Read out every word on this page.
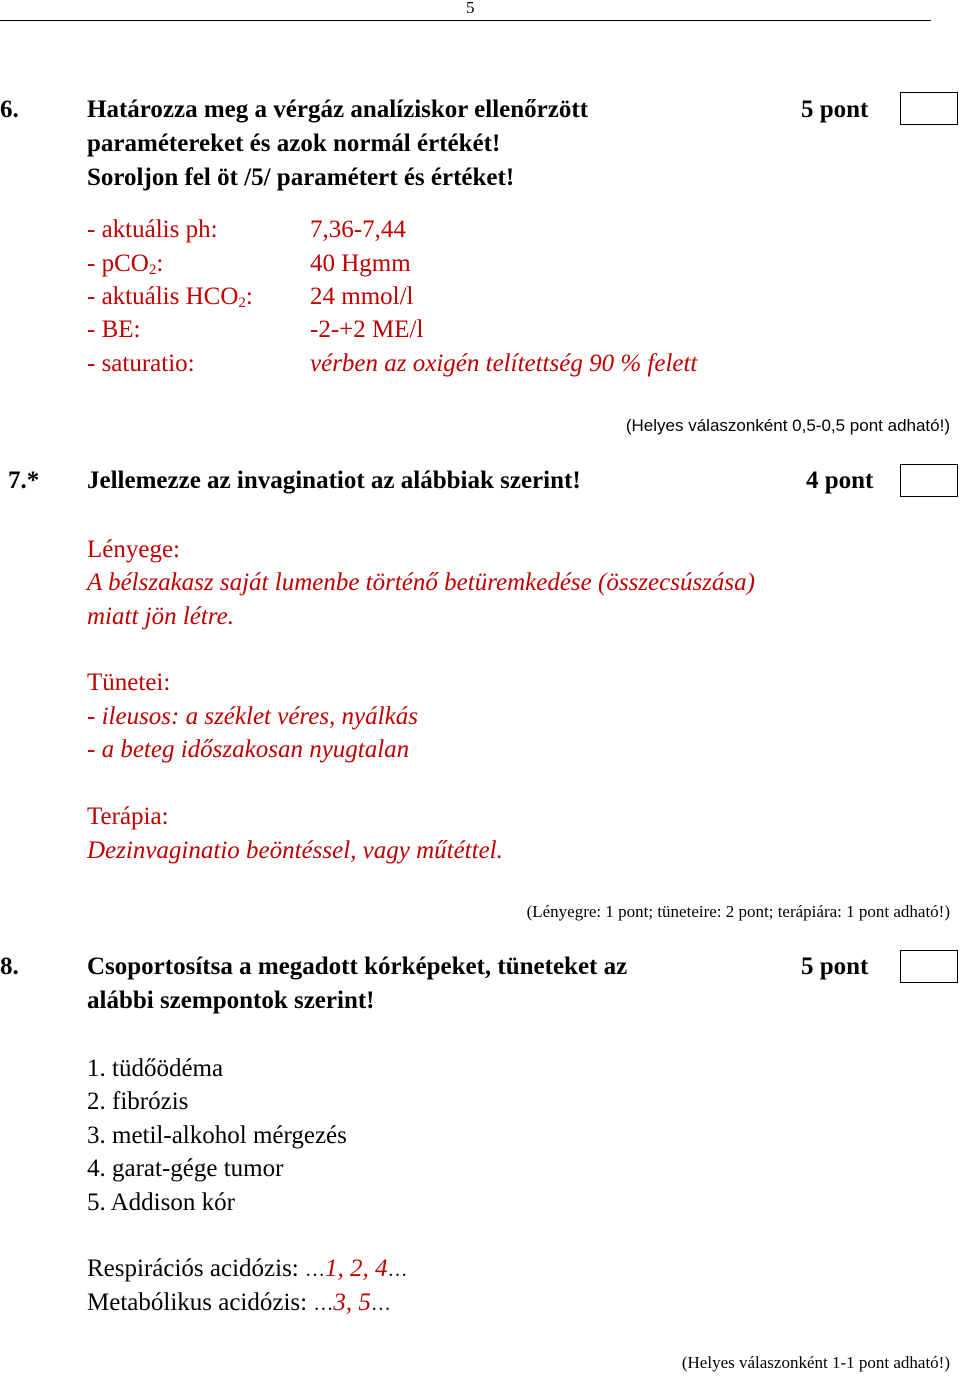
5
6.	Határozza meg a vérgáz analíziskor ellenőrzött
paramétereket és azok normál értékét!
Soroljon fel öt /5/ paramétert és értéket!
5 pont
- aktuális ph:	7,36-7,44
- pCO$_2$:	40 Hgmm
- aktuális $HCO_2$: 24 mmol/l
- BE:	-2-+2 ME/l
- saturatio:	vérben az oxigén telítettség 90 % felett
(Helyes válaszonként 0,5-0,5 pont adható!)
7.* Jellemezze az invaginatiot az alábbiak szerint!	4 pont
Lényege:
A bélszakasz saját lumenbe történő betüremkedése (összecsúszása)
miatt jön létre.
Tünetei:
- ileusos: a széklet véres, nyálkás
- a beteg időszakosan nyugtalan
Terápia:
Dezinvaginatio beöntéssel, vagy műtéttel.
(Lényegre: 1 pont; tüneteire: 2 pont; terápiára: 1 pont adható!)
8.	Csoportosítsa a megadott kórképeket, tüneteket az
alábbi szempontok szerint!
5 pont
1. tüdőödéma
2. fibrózis
3. metil-alkohol mérgezés
4. garat-gége tumor
5. Addison kór
Respirációs acidózis: …1, 2, 4…
Metabólikus acidózis: …3, 5…
(Helyes válaszonként 1-1 pont adható!)
